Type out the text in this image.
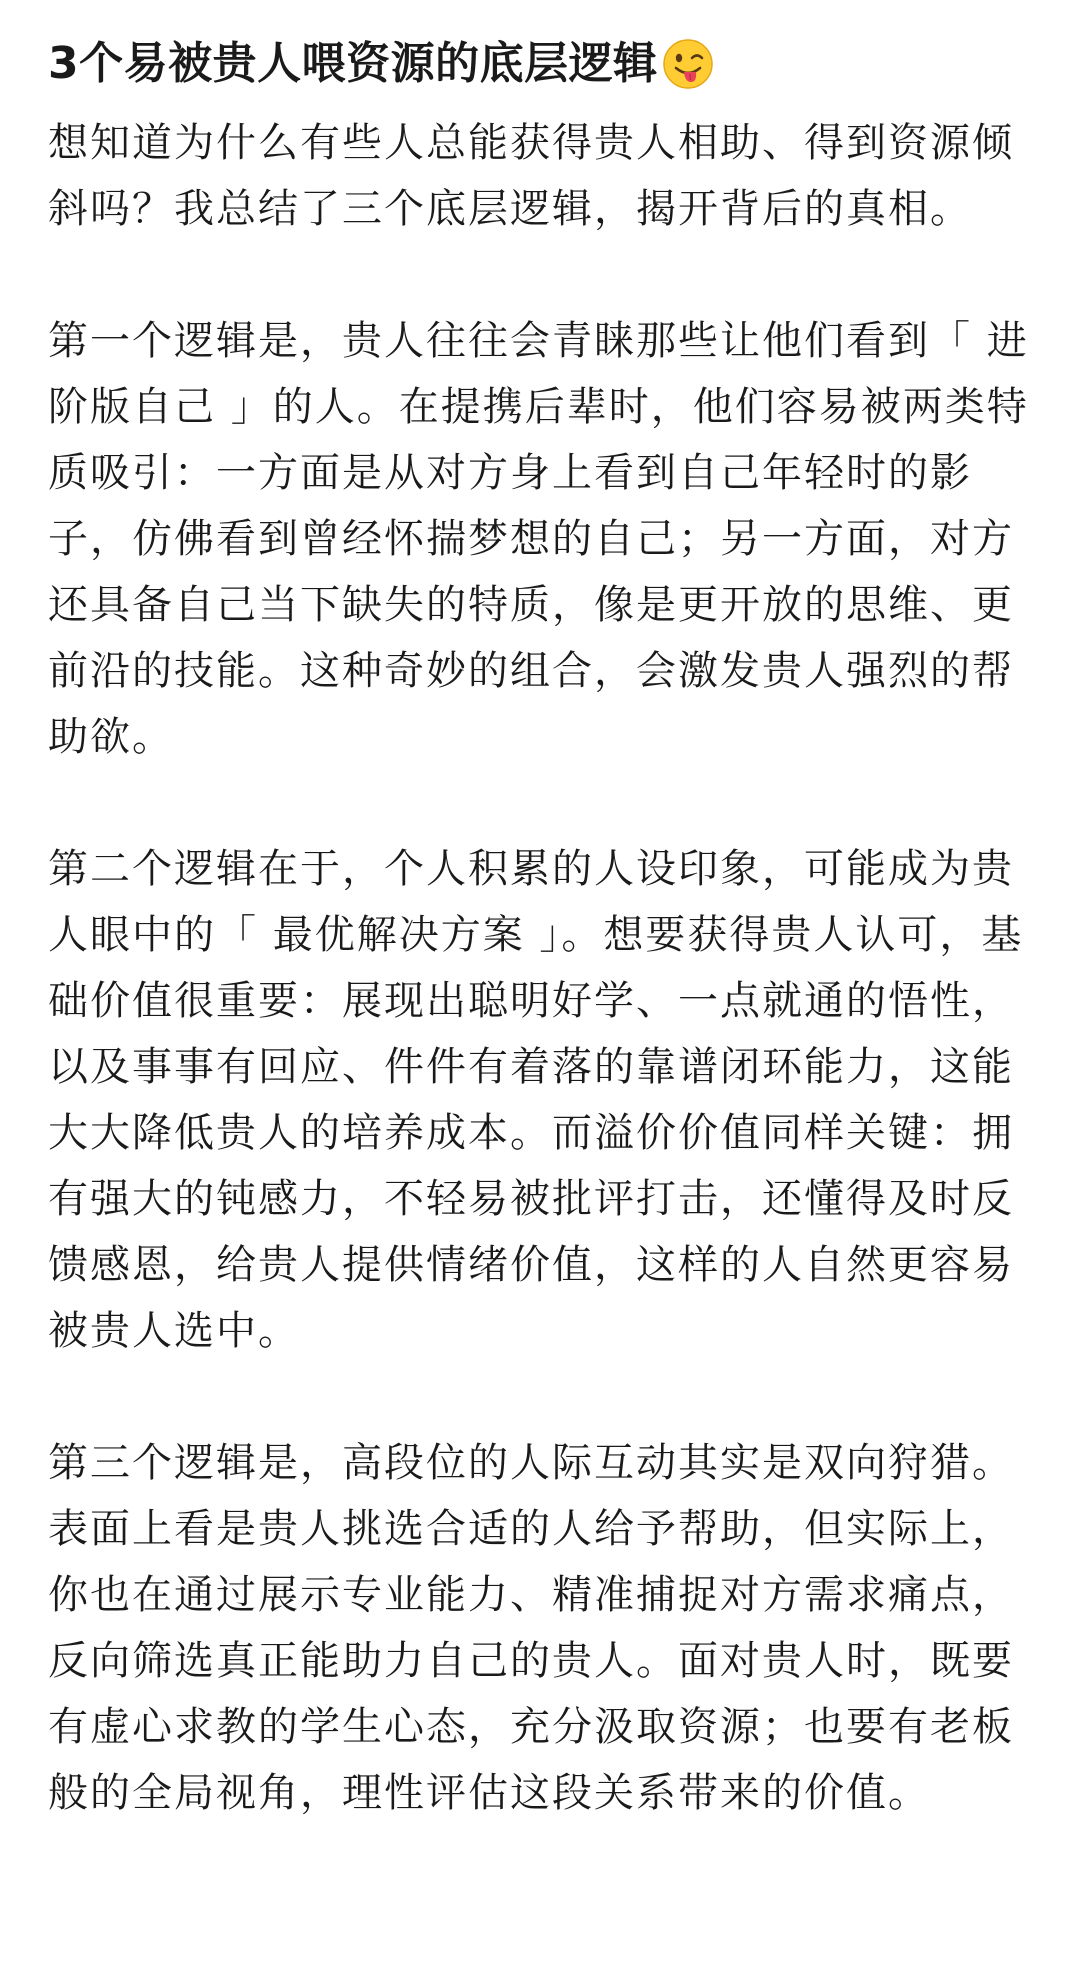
3个易被贵人喂资源的底层逻辑

想知道为什么有些人总能获得贵人相助、得到资源倾斜吗？我总结了三个底层逻辑，揭开背后的真相。

第一个逻辑是，贵人往往会青睐那些让他们看到「 进阶版自己 」的人。在提携后辈时，他们容易被两类特质吸引：一方面是从对方身上看到自己年轻时的影子，仿佛看到曾经怀揣梦想的自己；另一方面，对方还具备自己当下缺失的特质，像是更开放的思维、更前沿的技能。这种奇妙的组合，会激发贵人强烈的帮助欲。

第二个逻辑在于，个人积累的人设印象，可能成为贵人眼中的「 最优解决方案 」。想要获得贵人认可，基础价值很重要：展现出聪明好学、一点就通的悟性，以及事事有回应、件件有着落的靠谱闭环能力，这能大大降低贵人的培养成本。而溢价价值同样关键：拥有强大的钝感力，不轻易被批评打击，还懂得及时反馈感恩，给贵人提供情绪价值，这样的人自然更容易被贵人选中。

第三个逻辑是，高段位的人际互动其实是双向狩猎。表面上看是贵人挑选合适的人给予帮助，但实际上，你也在通过展示专业能力、精准捕捉对方需求痛点，反向筛选真正能助力自己的贵人。面对贵人时，既要有虚心求教的学生心态，充分汲取资源；也要有老板般的全局视角，理性评估这段关系带来的价值。
